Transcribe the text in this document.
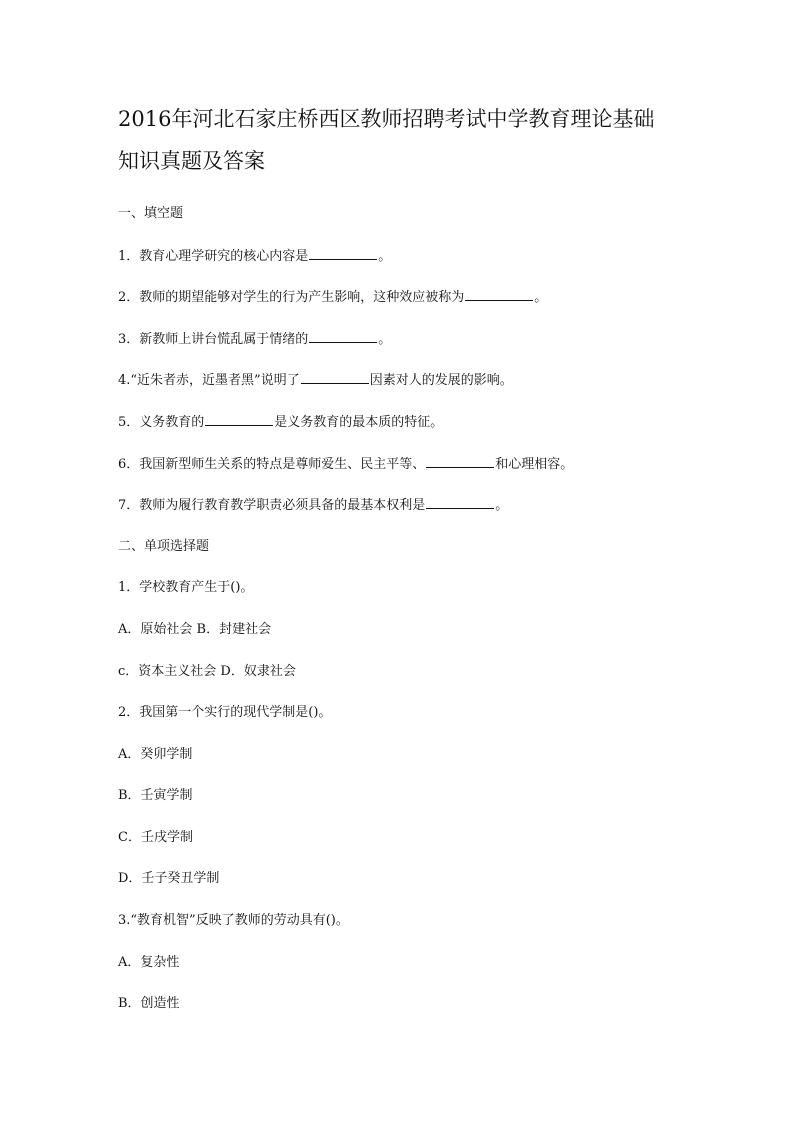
2016年河北石家庄桥西区教师招聘考试中学教育理论基础
知识真题及答案
一、填空题
1．教育心理学研究的核心内容是	。
2．教师的期望能够对学生的行为产生影响，这种效应被称为	。
3．新教师上讲台慌乱属于情绪的	。
4.“近朱者赤，近墨者黑”说明了	因素对人的发展的影响。
5．义务教育的	是义务教育的最本质的特征。
6．我国新型师生关系的特点是尊师爱生、民主平等、	和心理相容。
7．教师为履行教育教学职责必须具备的最基本权利是	。
二、单项选择题
1．学校教育产生于()。
A．原始社会 B．封建社会
c．资本主义社会 D．奴隶社会
2．我国第一个实行的现代学制是()。
A．癸卯学制
B．壬寅学制
C．壬戌学制
D．壬子癸丑学制
3.“教育机智”反映了教师的劳动具有()。
A．复杂性
B．创造性
